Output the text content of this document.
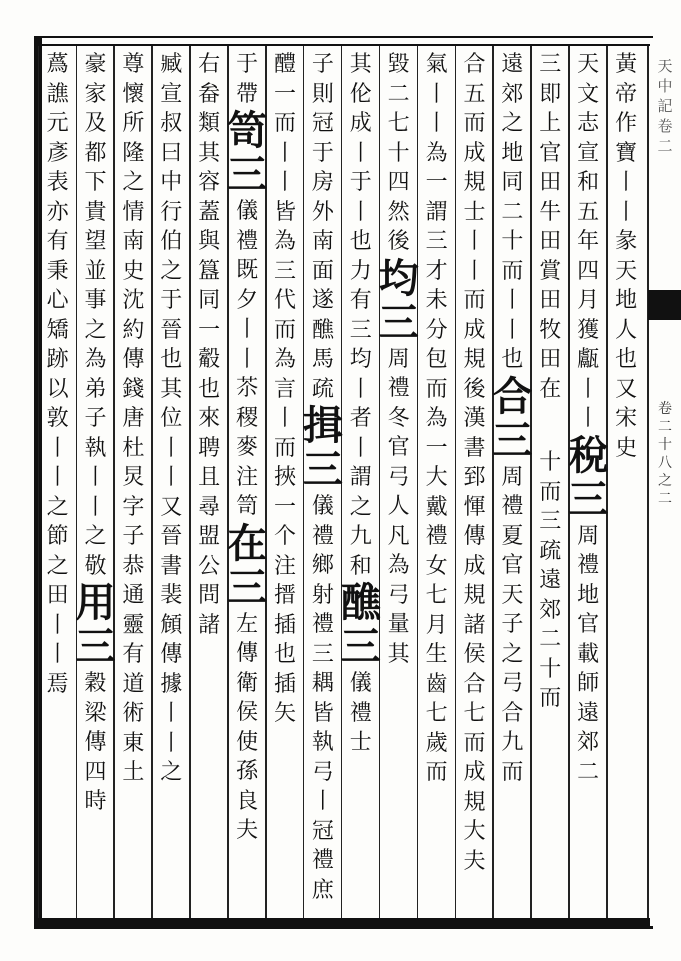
天
中
記
卷
二
卷
二
十
八
之
二
黃
帝
作
寶
丨
丨
彖
天
地
人
也
又
宋
史
天
文
志
宣
和
五
年
四
月
獲
甗
丨
丨
稅
三
周
禮
地
官
載
師
遠
郊
二
三
即
上
官
田
牛
田
賞
田
牧
田
在

十
而
三
疏
遠
郊
二
十
而
遠
郊
之
地
同
二
十
而
丨
丨
也
合
三
周
禮
夏
官
天
子
之
弓
合
九
而
合
五
而
成
規
士
丨
丨
而
成
規
後
漢
書
郅
惲
傳
成
規
諸
侯
合
七
而
成
規
大
夫
氣
丨
丨
為
一
謂
三
才
未
分
包
而
為
一
大
戴
禮
女
七
月
生
齒
七
歲
而
毀
二
七
十
四
然
後
均
三
周
禮
冬
官
弓
人
凡
為
弓
量
其
其
伦
成
丨
于
丨
也
力
有
三
均
丨
者
丨
謂
之
九
和
醮
三
儀
禮
士
子
則
冠
于
房
外
南
面
遂
醮
馬
疏
揖
三
儀
禮
鄉
射
禮
三
耦
皆
執
弓
丨
冠
禮
庶
醴
一
而
丨
丨
皆
為
三
代
而
為
言
丨
而
挾
一
个
注
搢
插
也
插
矢
于
帶
笥
三
儀
禮
既
夕
丨
丨
苶
稷
麥
注
笥
在
三
左
傳
衛
侯
使
孫
良
夫
右
畚
類
其
容
蓋
與
簋
同
一
觳
也
來
聘
且
尋
盟
公
問
諸
臧
宣
叔
曰
中
行
伯
之
于
晉
也
其
位
丨
丨
又
晉
書
裴
頠
傳
據
丨
丨
之
尊
懷
所
隆
之
情
南
史
沈
約
傳
錢
唐
杜
炅
字
子
恭
通
靈
有
道
術
東
土
豪
家
及
都
下
貴
望
並
事
之
為
弟
子
執
丨
丨
之
敬
用
三
穀
梁
傳
四
時
蔿
譙
元
彥
表
亦
有
秉
心
矯
跡
以
敦
丨
丨
之
節
之
田
丨
丨
焉
